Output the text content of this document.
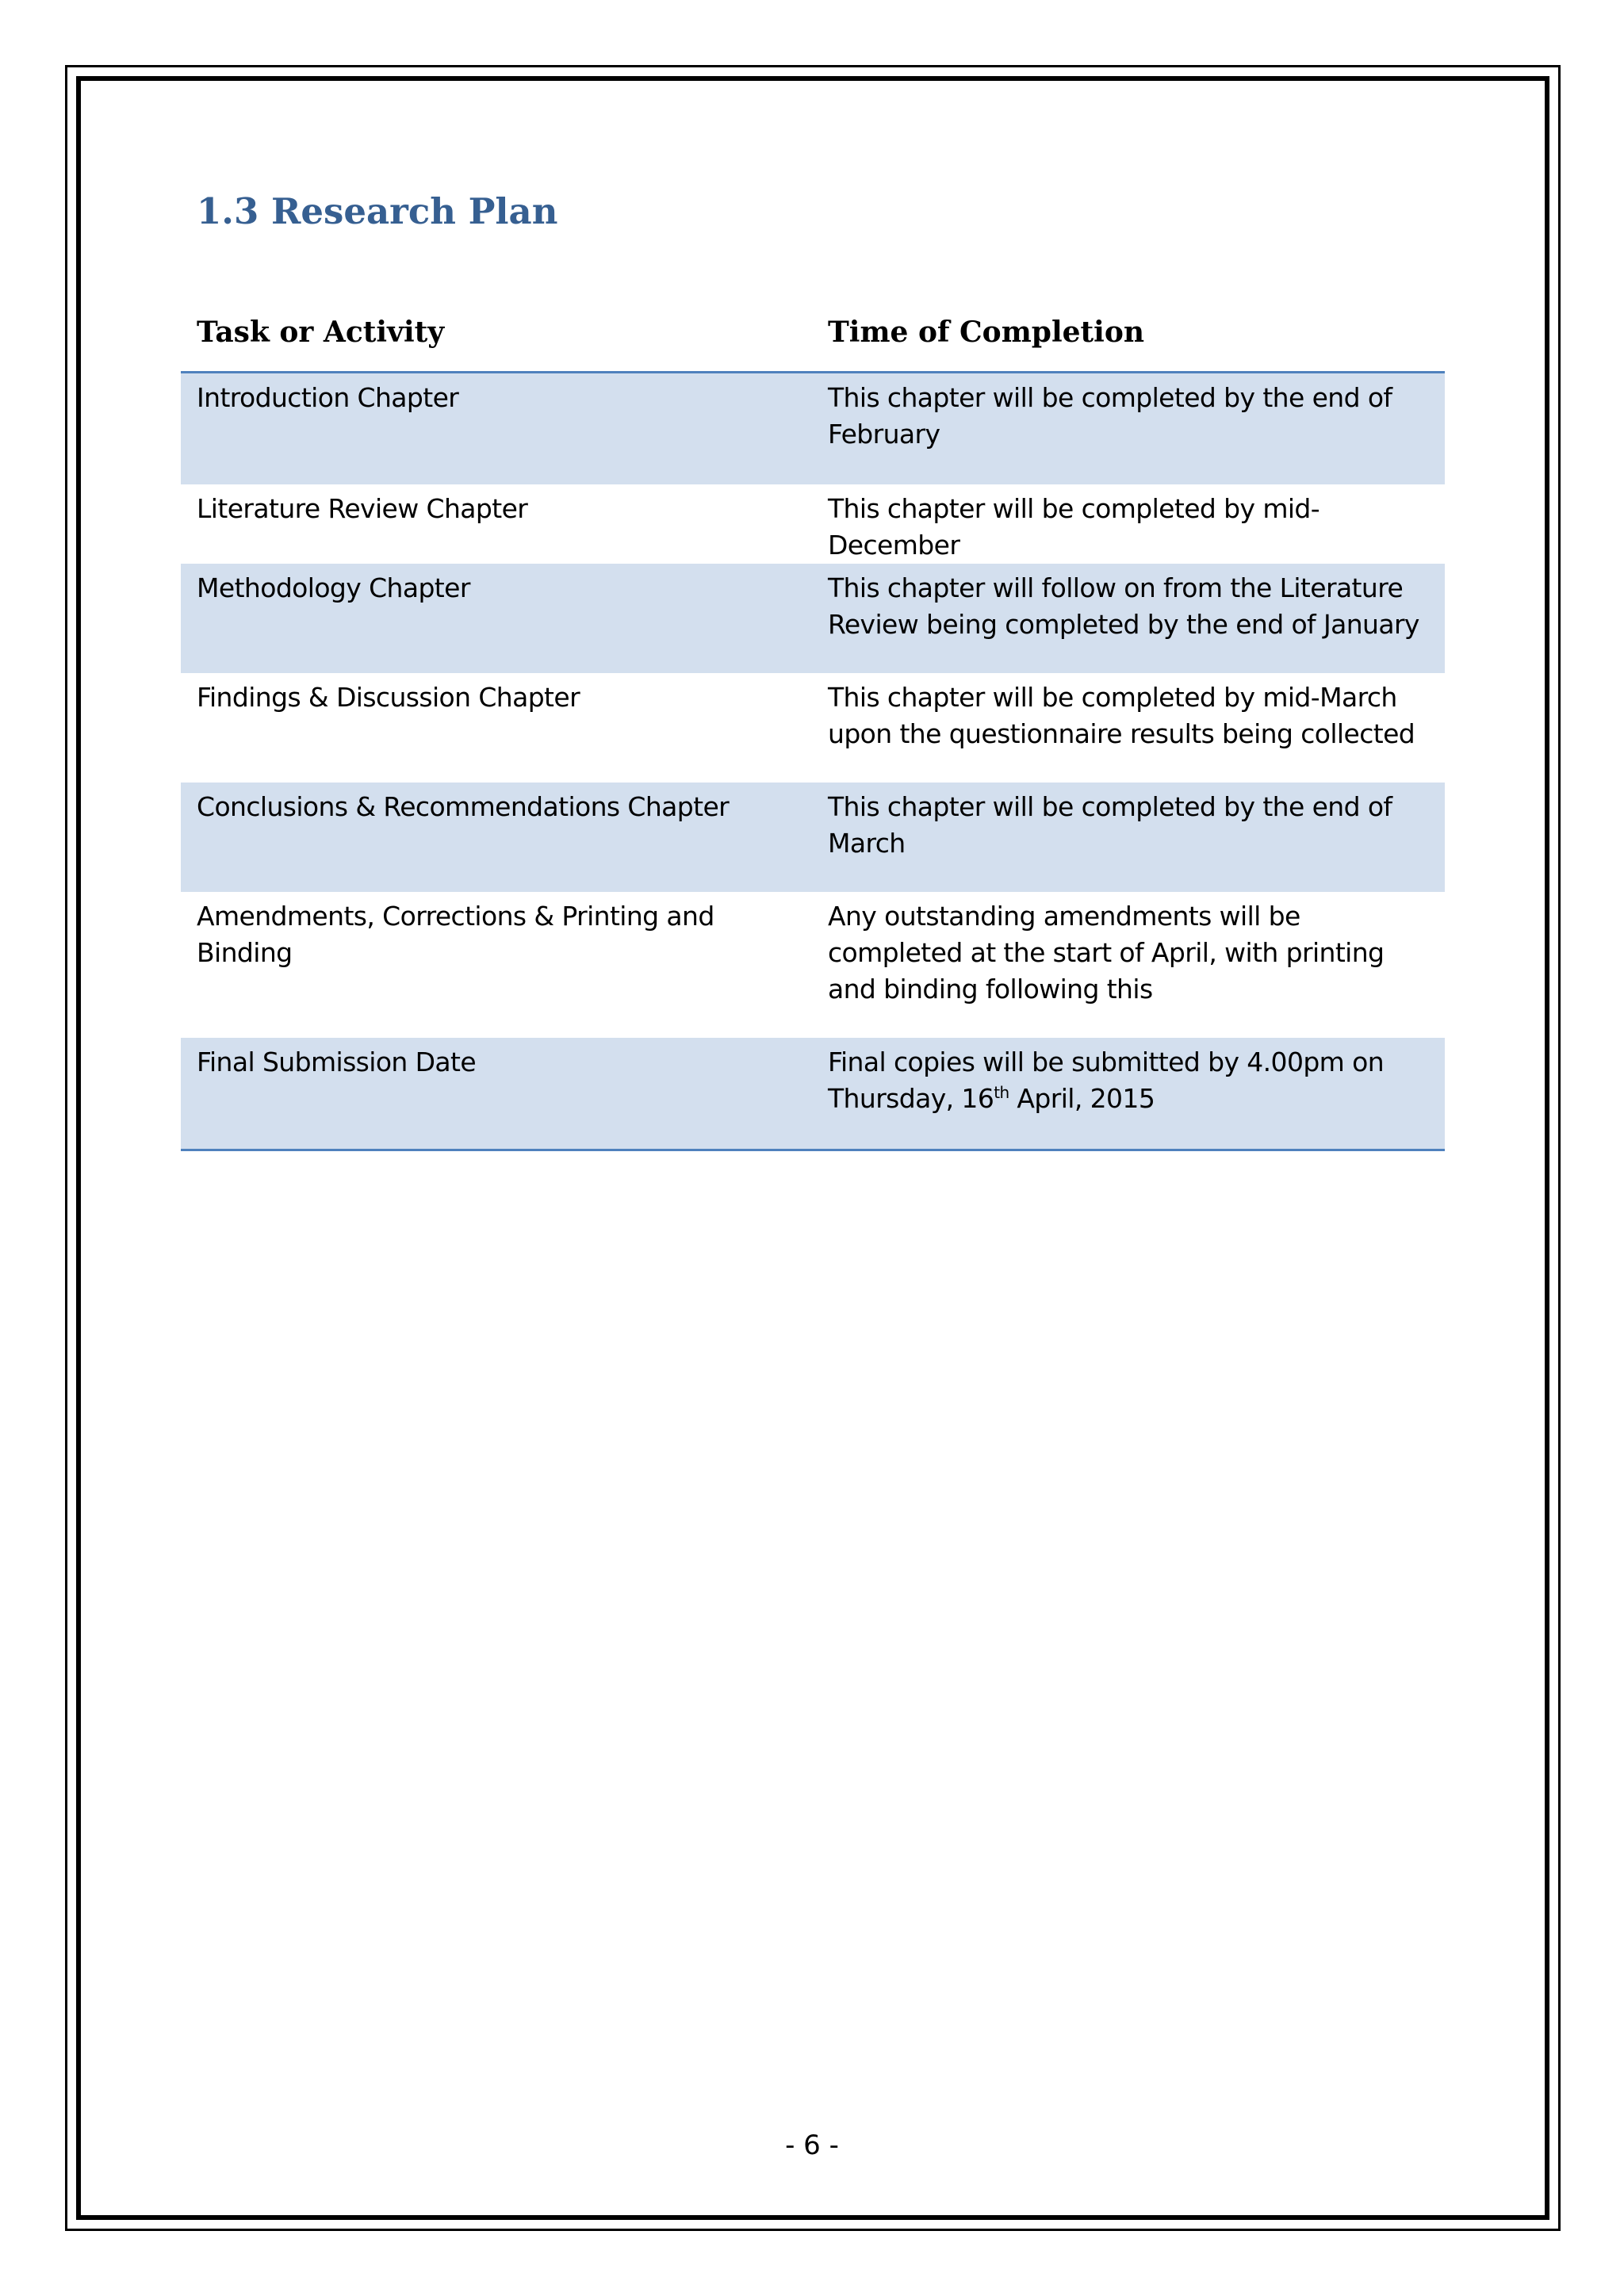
1.3 Research Plan
Task or Activity	Time of Completion
Introduction Chapter	This chapter will be completed by the end of February
Literature Review Chapter	This chapter will be completed by mid-December
Methodology Chapter	This chapter will follow on from the Literature Review being completed by the end of January
Findings & Discussion Chapter	This chapter will be completed by mid-March upon the questionnaire results being collected
Conclusions & Recommendations Chapter	This chapter will be completed by the end of March
Amendments, Corrections & Printing and Binding	Any outstanding amendments will be completed at the start of April, with printing and binding following this
Final Submission Date	Final copies will be submitted by 4.00pm on Thursday, 16th April, 2015
- 6 -
